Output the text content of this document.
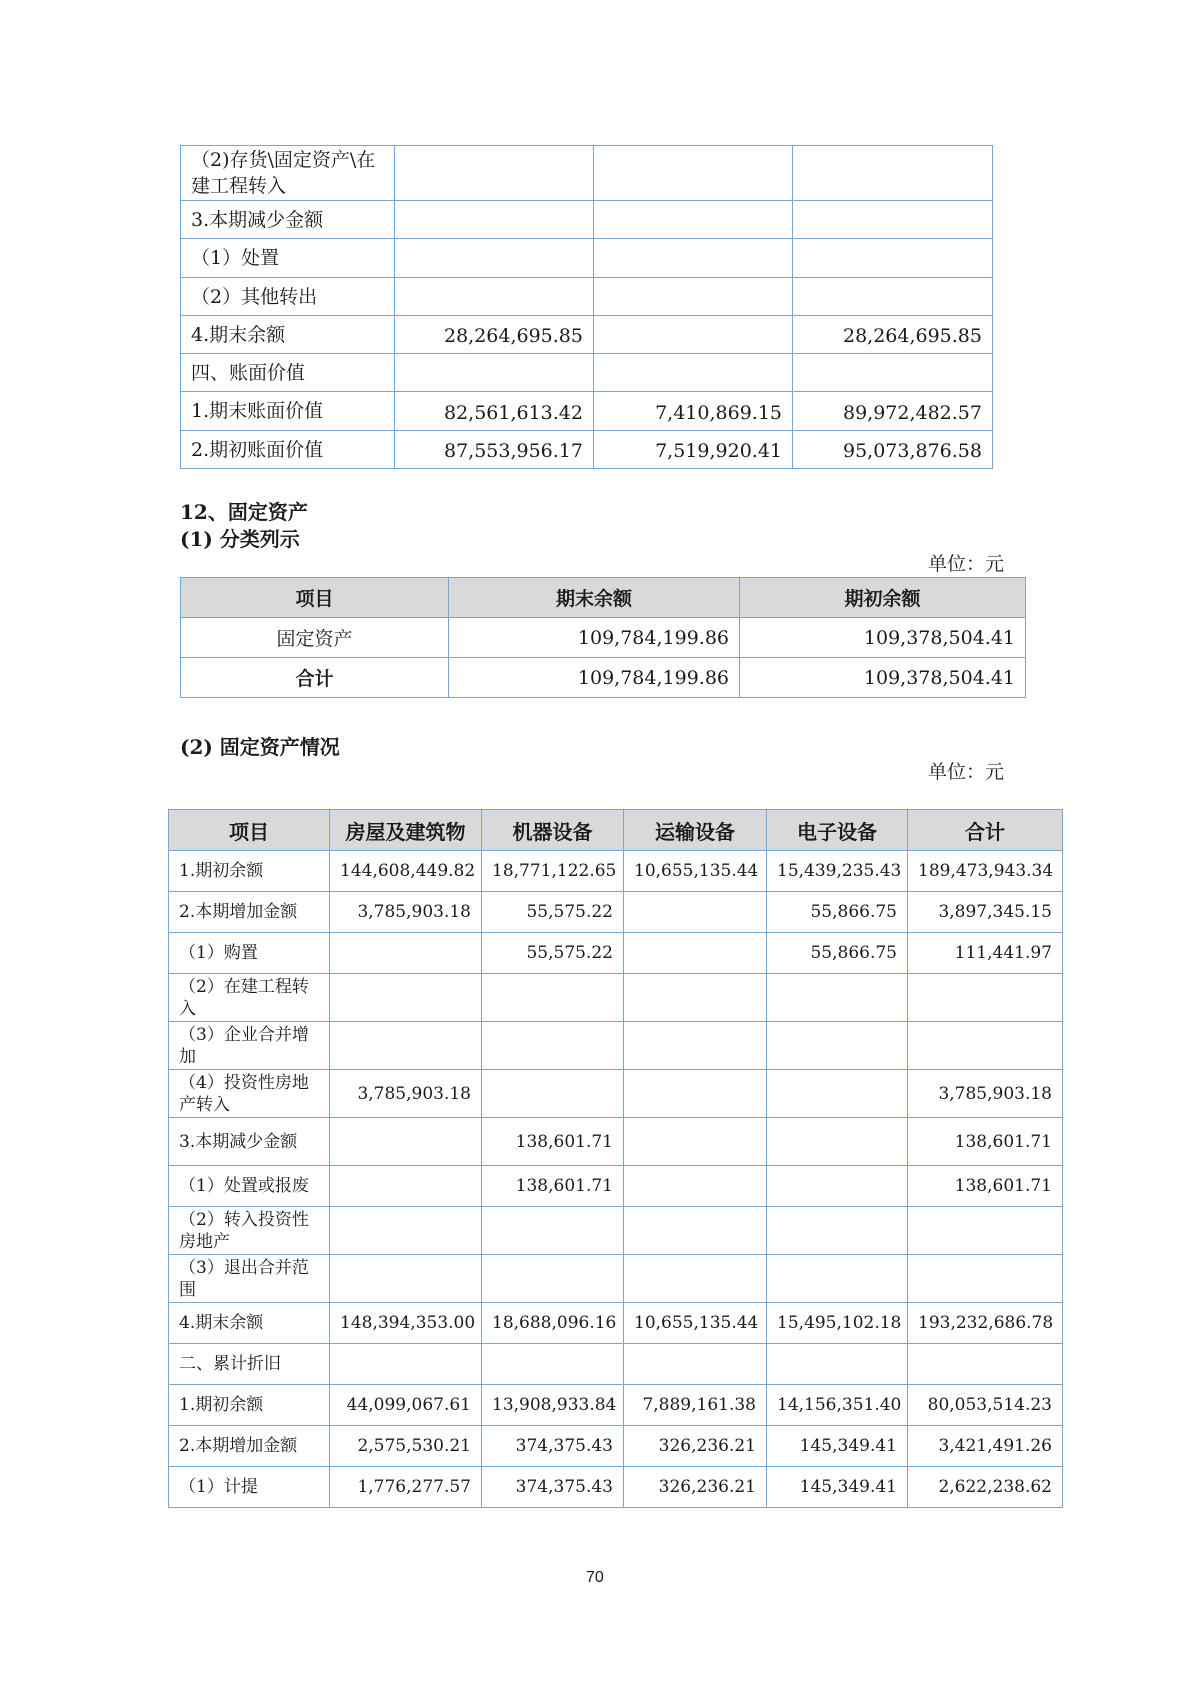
（2)存货\固定资产\在建工程转入			
3.本期减少金额			
（1）处置			
（2）其他转出			
4.期末余额	28,264,695.85		28,264,695.85
四、账面价值			
1.期末账面价值	82,561,613.42	7,410,869.15	89,972,482.57
2.期初账面价值	87,553,956.17	7,519,920.41	95,073,876.58
12、固定资产
(1) 分类列示
单位：元
项目	期末余额	期初余额
固定资产	109,784,199.86	109,378,504.41
合计	109,784,199.86	109,378,504.41
(2) 固定资产情况
单位：元
项目	房屋及建筑物	机器设备	运输设备	电子设备	合计
1.期初余额	144,608,449.82	18,771,122.65	10,655,135.44	15,439,235.43	189,473,943.34
2.本期增加金额	3,785,903.18	55,575.22		55,866.75	3,897,345.15
（1）购置		55,575.22		55,866.75	111,441.97
（2）在建工程转入					
（3）企业合并增加					
（4）投资性房地产转入	3,785,903.18				3,785,903.18
3.本期减少金额		138,601.71			138,601.71
（1）处置或报废		138,601.71			138,601.71
（2）转入投资性房地产					
（3）退出合并范围					
4.期末余额	148,394,353.00	18,688,096.16	10,655,135.44	15,495,102.18	193,232,686.78
二、累计折旧					
1.期初余额	44,099,067.61	13,908,933.84	7,889,161.38	14,156,351.40	80,053,514.23
2.本期增加金额	2,575,530.21	374,375.43	326,236.21	145,349.41	3,421,491.26
（1）计提	1,776,277.57	374,375.43	326,236.21	145,349.41	2,622,238.62
70
